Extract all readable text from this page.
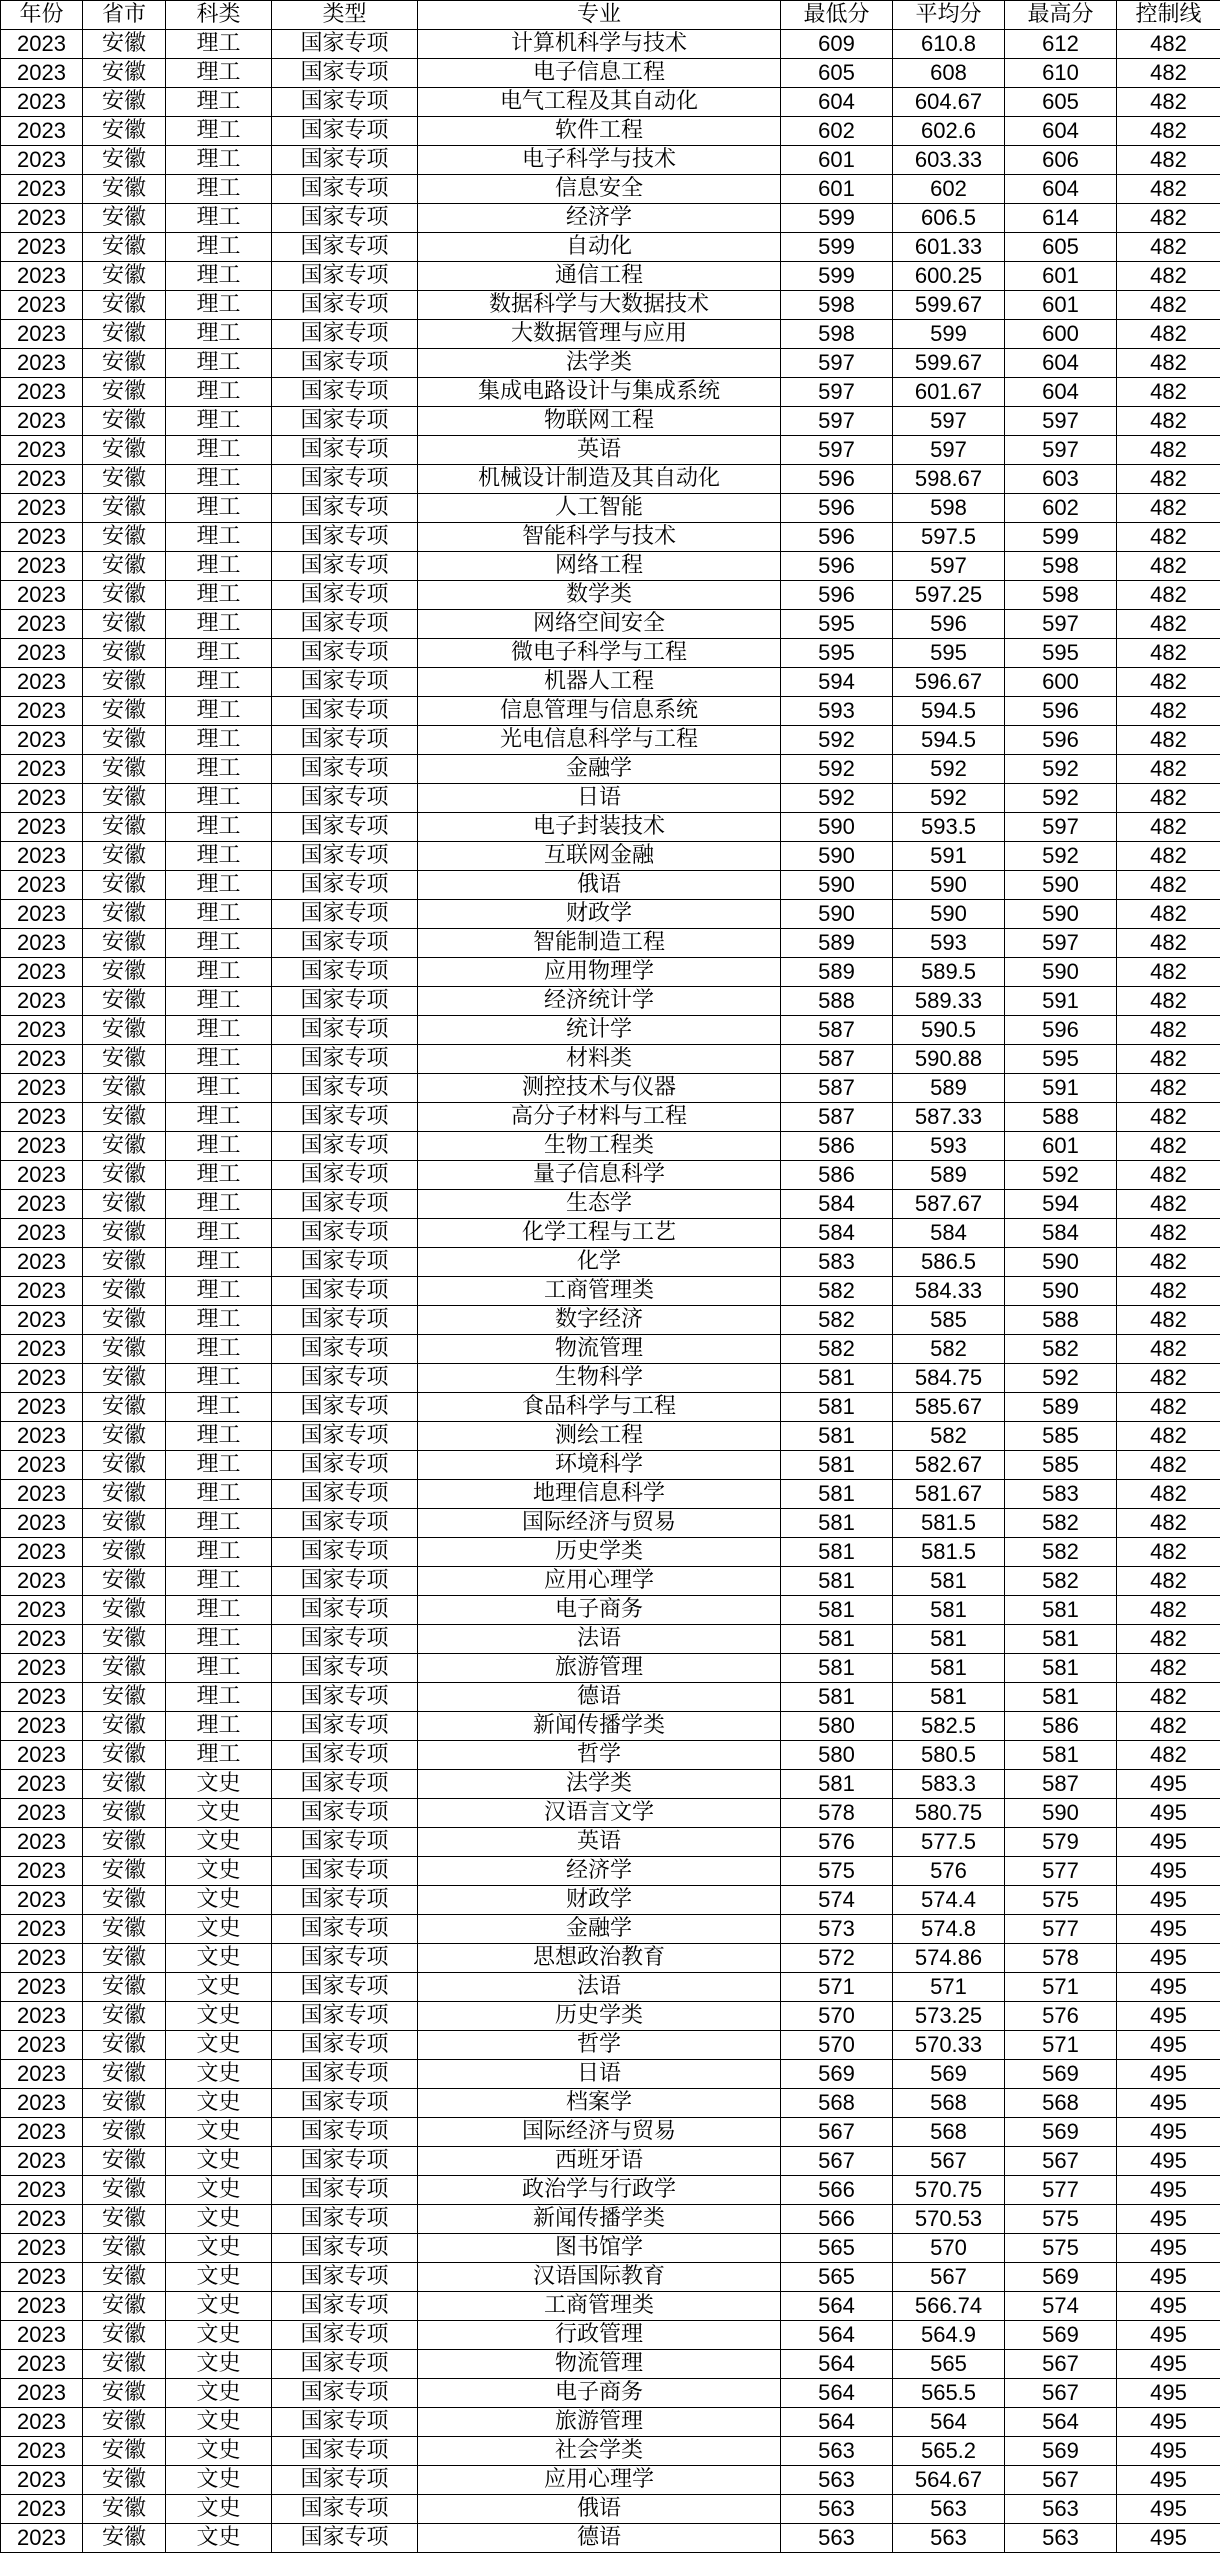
年份	省市	科类	类型	专业	最低分	平均分	最高分	控制线
2023	安徽	理工	国家专项	计算机科学与技术	609	610.8	612	482
2023	安徽	理工	国家专项	电子信息工程	605	608	610	482
2023	安徽	理工	国家专项	电气工程及其自动化	604	604.67	605	482
2023	安徽	理工	国家专项	软件工程	602	602.6	604	482
2023	安徽	理工	国家专项	电子科学与技术	601	603.33	606	482
2023	安徽	理工	国家专项	信息安全	601	602	604	482
2023	安徽	理工	国家专项	经济学	599	606.5	614	482
2023	安徽	理工	国家专项	自动化	599	601.33	605	482
2023	安徽	理工	国家专项	通信工程	599	600.25	601	482
2023	安徽	理工	国家专项	数据科学与大数据技术	598	599.67	601	482
2023	安徽	理工	国家专项	大数据管理与应用	598	599	600	482
2023	安徽	理工	国家专项	法学类	597	599.67	604	482
2023	安徽	理工	国家专项	集成电路设计与集成系统	597	601.67	604	482
2023	安徽	理工	国家专项	物联网工程	597	597	597	482
2023	安徽	理工	国家专项	英语	597	597	597	482
2023	安徽	理工	国家专项	机械设计制造及其自动化	596	598.67	603	482
2023	安徽	理工	国家专项	人工智能	596	598	602	482
2023	安徽	理工	国家专项	智能科学与技术	596	597.5	599	482
2023	安徽	理工	国家专项	网络工程	596	597	598	482
2023	安徽	理工	国家专项	数学类	596	597.25	598	482
2023	安徽	理工	国家专项	网络空间安全	595	596	597	482
2023	安徽	理工	国家专项	微电子科学与工程	595	595	595	482
2023	安徽	理工	国家专项	机器人工程	594	596.67	600	482
2023	安徽	理工	国家专项	信息管理与信息系统	593	594.5	596	482
2023	安徽	理工	国家专项	光电信息科学与工程	592	594.5	596	482
2023	安徽	理工	国家专项	金融学	592	592	592	482
2023	安徽	理工	国家专项	日语	592	592	592	482
2023	安徽	理工	国家专项	电子封装技术	590	593.5	597	482
2023	安徽	理工	国家专项	互联网金融	590	591	592	482
2023	安徽	理工	国家专项	俄语	590	590	590	482
2023	安徽	理工	国家专项	财政学	590	590	590	482
2023	安徽	理工	国家专项	智能制造工程	589	593	597	482
2023	安徽	理工	国家专项	应用物理学	589	589.5	590	482
2023	安徽	理工	国家专项	经济统计学	588	589.33	591	482
2023	安徽	理工	国家专项	统计学	587	590.5	596	482
2023	安徽	理工	国家专项	材料类	587	590.88	595	482
2023	安徽	理工	国家专项	测控技术与仪器	587	589	591	482
2023	安徽	理工	国家专项	高分子材料与工程	587	587.33	588	482
2023	安徽	理工	国家专项	生物工程类	586	593	601	482
2023	安徽	理工	国家专项	量子信息科学	586	589	592	482
2023	安徽	理工	国家专项	生态学	584	587.67	594	482
2023	安徽	理工	国家专项	化学工程与工艺	584	584	584	482
2023	安徽	理工	国家专项	化学	583	586.5	590	482
2023	安徽	理工	国家专项	工商管理类	582	584.33	590	482
2023	安徽	理工	国家专项	数字经济	582	585	588	482
2023	安徽	理工	国家专项	物流管理	582	582	582	482
2023	安徽	理工	国家专项	生物科学	581	584.75	592	482
2023	安徽	理工	国家专项	食品科学与工程	581	585.67	589	482
2023	安徽	理工	国家专项	测绘工程	581	582	585	482
2023	安徽	理工	国家专项	环境科学	581	582.67	585	482
2023	安徽	理工	国家专项	地理信息科学	581	581.67	583	482
2023	安徽	理工	国家专项	国际经济与贸易	581	581.5	582	482
2023	安徽	理工	国家专项	历史学类	581	581.5	582	482
2023	安徽	理工	国家专项	应用心理学	581	581	582	482
2023	安徽	理工	国家专项	电子商务	581	581	581	482
2023	安徽	理工	国家专项	法语	581	581	581	482
2023	安徽	理工	国家专项	旅游管理	581	581	581	482
2023	安徽	理工	国家专项	德语	581	581	581	482
2023	安徽	理工	国家专项	新闻传播学类	580	582.5	586	482
2023	安徽	理工	国家专项	哲学	580	580.5	581	482
2023	安徽	文史	国家专项	法学类	581	583.3	587	495
2023	安徽	文史	国家专项	汉语言文学	578	580.75	590	495
2023	安徽	文史	国家专项	英语	576	577.5	579	495
2023	安徽	文史	国家专项	经济学	575	576	577	495
2023	安徽	文史	国家专项	财政学	574	574.4	575	495
2023	安徽	文史	国家专项	金融学	573	574.8	577	495
2023	安徽	文史	国家专项	思想政治教育	572	574.86	578	495
2023	安徽	文史	国家专项	法语	571	571	571	495
2023	安徽	文史	国家专项	历史学类	570	573.25	576	495
2023	安徽	文史	国家专项	哲学	570	570.33	571	495
2023	安徽	文史	国家专项	日语	569	569	569	495
2023	安徽	文史	国家专项	档案学	568	568	568	495
2023	安徽	文史	国家专项	国际经济与贸易	567	568	569	495
2023	安徽	文史	国家专项	西班牙语	567	567	567	495
2023	安徽	文史	国家专项	政治学与行政学	566	570.75	577	495
2023	安徽	文史	国家专项	新闻传播学类	566	570.53	575	495
2023	安徽	文史	国家专项	图书馆学	565	570	575	495
2023	安徽	文史	国家专项	汉语国际教育	565	567	569	495
2023	安徽	文史	国家专项	工商管理类	564	566.74	574	495
2023	安徽	文史	国家专项	行政管理	564	564.9	569	495
2023	安徽	文史	国家专项	物流管理	564	565	567	495
2023	安徽	文史	国家专项	电子商务	564	565.5	567	495
2023	安徽	文史	国家专项	旅游管理	564	564	564	495
2023	安徽	文史	国家专项	社会学类	563	565.2	569	495
2023	安徽	文史	国家专项	应用心理学	563	564.67	567	495
2023	安徽	文史	国家专项	俄语	563	563	563	495
2023	安徽	文史	国家专项	德语	563	563	563	495
